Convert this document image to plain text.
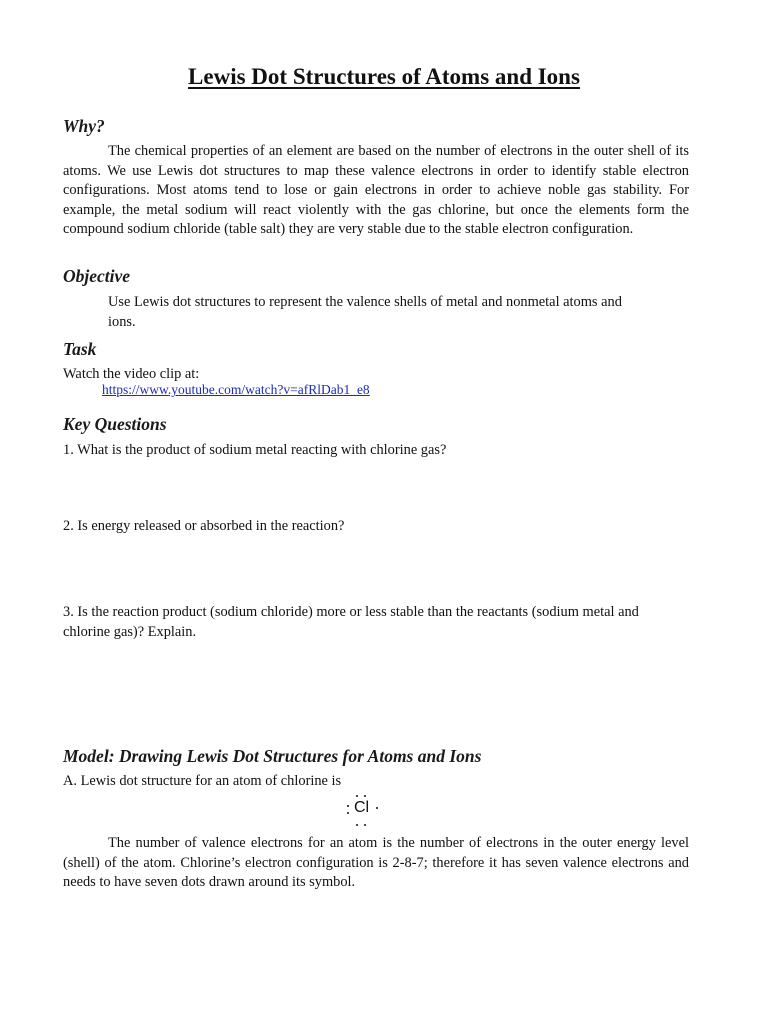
Lewis Dot Structures of Atoms and Ions
Why?
The chemical properties of an element are based on the number of electrons in the outer shell of its atoms. We use Lewis dot structures to map these valence electrons in order to identify stable electron configurations. Most atoms tend to lose or gain electrons in order to achieve noble gas stability. For example, the metal sodium will react violently with the gas chlorine, but once the elements form the compound sodium chloride (table salt) they are very stable due to the stable electron configuration.
Objective
Use Lewis dot structures to represent the valence shells of metal and nonmetal atoms and ions.
Task
Watch the video clip at:
https://www.youtube.com/watch?v=afRlDab1_e8
Key Questions
1. What is the product of sodium metal reacting with chlorine gas?
2. Is energy released or absorbed in the reaction?
3. Is the reaction product (sodium chloride) more or less stable than the reactants (sodium metal and chlorine gas)? Explain.
Model: Drawing Lewis Dot Structures for Atoms and Ions
A. Lewis dot structure for an atom of chlorine is
Cl
The number of valence electrons for an atom is the number of electrons in the outer energy level (shell) of the atom. Chlorine’s electron configuration is 2-8-7; therefore it has seven valence electrons and needs to have seven dots drawn around its symbol.
